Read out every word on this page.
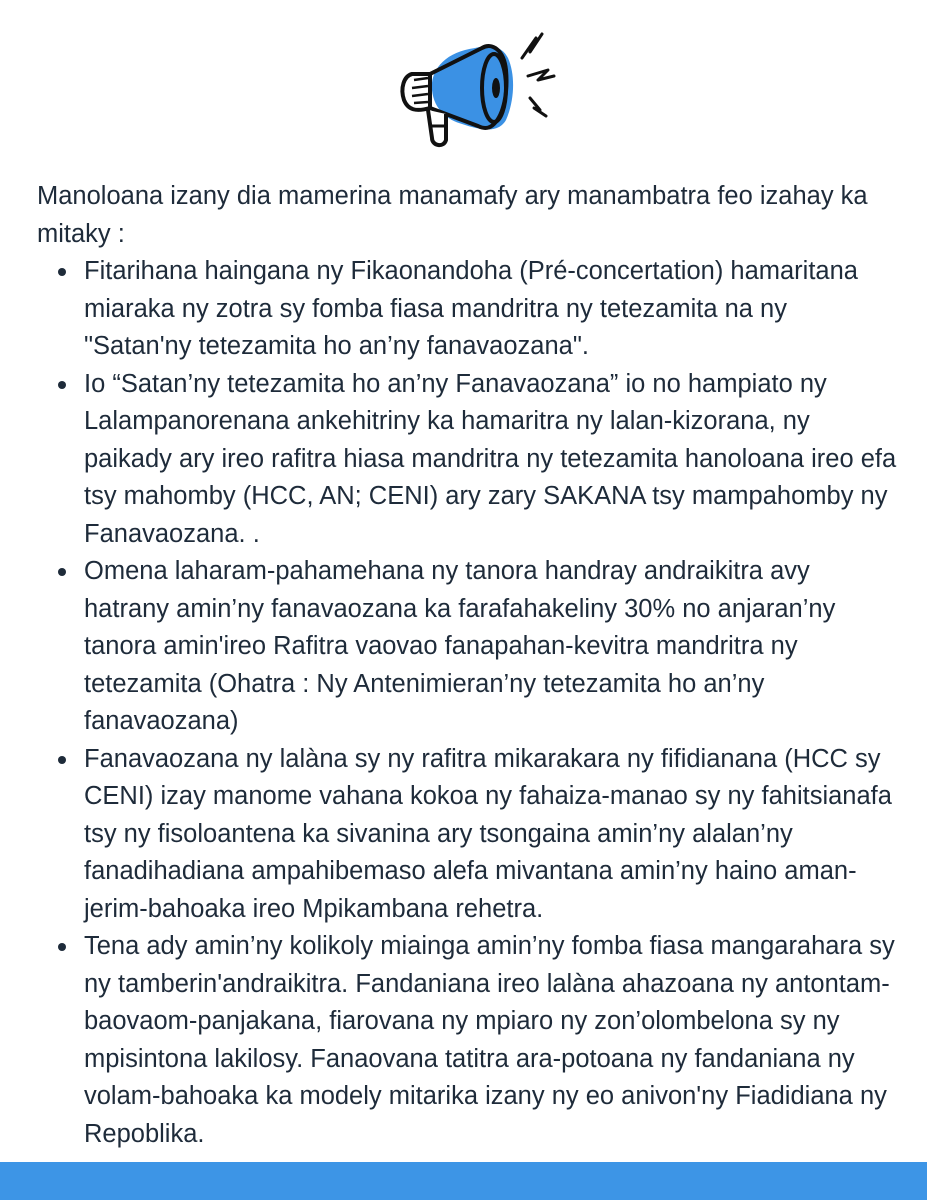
Manoloana izany dia mamerina manamafy ary manambatra feo izahay ka mitaky :

Fitarihana haingana ny Fikaonandoha (Pré-concertation) hamaritana miaraka ny zotra sy fomba fiasa mandritra ny tetezamita na ny "Satan'ny tetezamita ho an’ny fanavaozana".
Io “Satan’ny tetezamita ho an’ny Fanavaozana” io no hampiato ny Lalampanorenana ankehitriny ka hamaritra ny lalan-kizorana, ny paikady ary ireo rafitra hiasa mandritra ny tetezamita hanoloana ireo efa tsy mahomby (HCC, AN; CENI) ary zary SAKANA tsy mampahomby ny Fanavaozana. .
Omena laharam-pahamehana ny tanora handray andraikitra avy hatrany amin’ny fanavaozana ka farafahakeliny 30% no anjaran’ny tanora amin'ireo Rafitra vaovao fanapahan-kevitra mandritra ny tetezamita (Ohatra : Ny Antenimieran’ny tetezamita ho an’ny fanavaozana)
Fanavaozana ny lalàna sy ny rafitra mikarakara ny fifidianana (HCC sy CENI) izay manome vahana kokoa ny fahaiza-manao sy ny fahitsianafa tsy ny fisoloantena ka sivanina ary tsongaina amin’ny alalan’ny fanadihadiana ampahibemaso alefa mivantana amin’ny haino aman-jerim-bahoaka ireo Mpikambana rehetra.
Tena ady amin’ny kolikoly miainga amin’ny fomba fiasa mangarahara sy ny tamberin'andraikitra. Fandaniana ireo lalàna ahazoana ny antontam-baovaom-panjakana, fiarovana ny mpiaro ny zon’olombelona sy ny mpisintona lakilosy. Fanaovana tatitra ara-potoana ny fandaniana ny volam-bahoaka ka modely mitarika izany ny eo anivon'ny Fiadidiana ny Repoblika.
